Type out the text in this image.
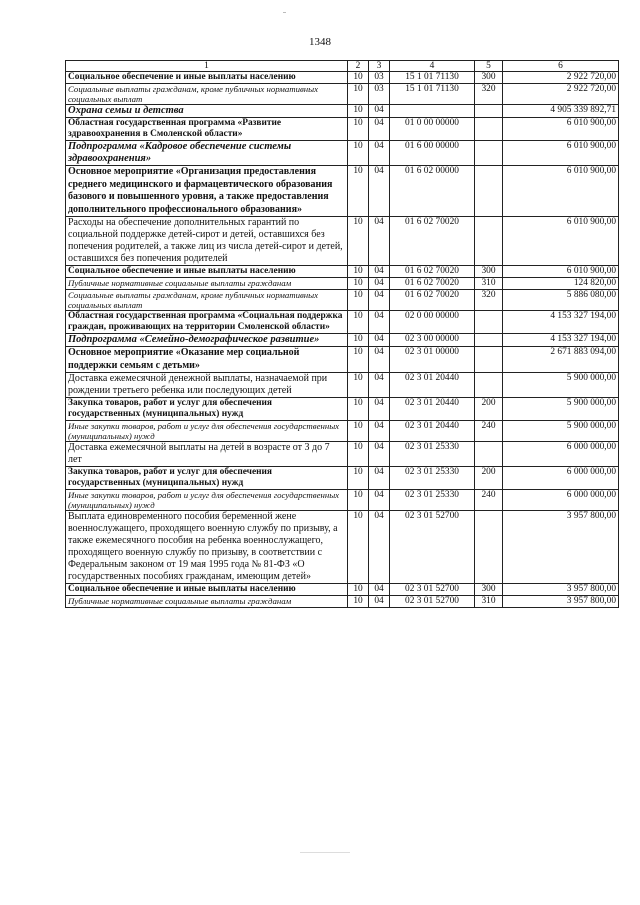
1348
1	2	3	4	5	6
Социальное обеспечение и иные выплаты населению	10	03	15 1 01 71130	300	2 922 720,00
Социальные выплаты гражданам, кроме публичных нормативных социальных выплат	10	03	15 1 01 71130	320	2 922 720,00
Охрана семьи и детства	10	04			4 905 339 892,71
Областная государственная программа «Развитие здравоохранения в Смоленской области»	10	04	01 0 00 00000		6 010 900,00
Подпрограмма «Кадровое обеспечение системы здравоохранения»	10	04	01 6 00 00000		6 010 900,00
Основное мероприятие «Организация предоставления среднего медицинского и фармацевтического образования базового и повышенного уровня, а также предоставления дополнительного профессионального образования»	10	04	01 6 02 00000		6 010 900,00
Расходы на обеспечение дополнительных гарантий по социальной поддержке детей-сирот и детей, оставшихся без попечения родителей, а также лиц из числа детей-сирот и детей, оставшихся без попечения родителей	10	04	01 6 02 70020		6 010 900,00
Социальное обеспечение и иные выплаты населению	10	04	01 6 02 70020	300	6 010 900,00
Публичные нормативные социальные выплаты гражданам	10	04	01 6 02 70020	310	124 820,00
Социальные выплаты гражданам, кроме публичных нормативных социальных выплат	10	04	01 6 02 70020	320	5 886 080,00
Областная государственная программа «Социальная поддержка граждан, проживающих на территории Смоленской области»	10	04	02 0 00 00000		4 153 327 194,00
Подпрограмма «Семейно-демографическое развитие»	10	04	02 3 00 00000		4 153 327 194,00
Основное мероприятие «Оказание мер социальной поддержки семьям с детьми»	10	04	02 3 01 00000		2 671 883 094,00
Доставка ежемесячной денежной выплаты, назначаемой при рождении третьего ребенка или последующих детей	10	04	02 3 01 20440		5 900 000,00
Закупка товаров, работ и услуг для обеспечения государственных (муниципальных) нужд	10	04	02 3 01 20440	200	5 900 000,00
Иные закупки товаров, работ и услуг для обеспечения государственных (муниципальных) нужд	10	04	02 3 01 20440	240	5 900 000,00
Доставка ежемесячной выплаты на детей в возрасте от 3 до 7 лет	10	04	02 3 01 25330		6 000 000,00
Закупка товаров, работ и услуг для обеспечения государственных (муниципальных) нужд	10	04	02 3 01 25330	200	6 000 000,00
Иные закупки товаров, работ и услуг для обеспечения государственных (муниципальных) нужд	10	04	02 3 01 25330	240	6 000 000,00
Выплата единовременного пособия беременной жене военнослужащего, проходящего военную службу по призыву, а также ежемесячного пособия на ребенка военнослужащего, проходящего военную службу по призыву, в соответствии с Федеральным законом от 19 мая 1995 года № 81-ФЗ «О государственных пособиях гражданам, имеющим детей»	10	04	02 3 01 52700		3 957 800,00
Социальное обеспечение и иные выплаты населению	10	04	02 3 01 52700	300	3 957 800,00
Публичные нормативные социальные выплаты гражданам	10	04	02 3 01 52700	310	3 957 800,00
